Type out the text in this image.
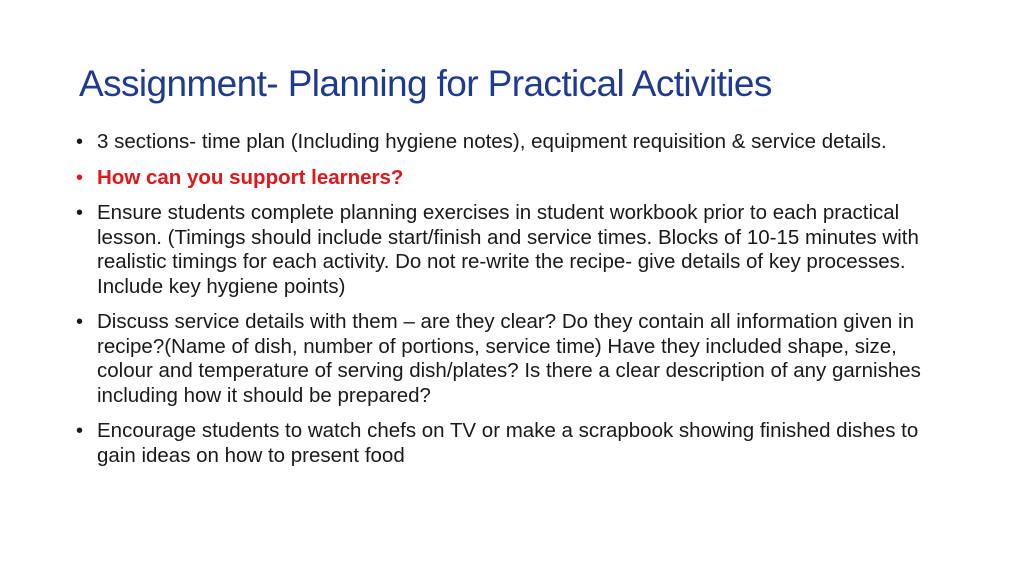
Assignment- Planning for Practical Activities
• 3 sections- time plan (Including hygiene notes), equipment requisition & service details.
• How can you support learners?
• Ensure students complete planning exercises in student workbook prior to each practical lesson. (Timings should include start/finish and service times. Blocks of 10-15 minutes with realistic timings for each activity. Do not re-write the recipe- give details of key processes. Include key hygiene points)
• Discuss service details with them – are they clear? Do they contain all information given in recipe?(Name of dish, number of portions, service time) Have they included shape, size, colour and temperature of serving dish/plates? Is there a clear description of any garnishes including how it should be prepared?
• Encourage students to watch chefs on TV or make a scrapbook showing finished dishes to gain ideas on how to present food
